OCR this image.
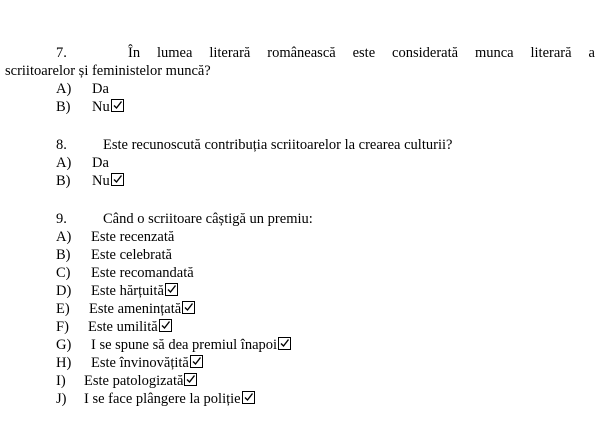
7.	În lumea literară românească este considerată munca literară a
scriitoarelor și feministelor muncă?
A) Da
B) Nu
8. Este recunoscută contribuția scriitoarelor la crearea culturii?
A) Da
B) Nu
9. Când o scriitoare câștigă un premiu:
A) Este recenzată
B) Este celebrată
C) Este recomandată
D) Este hărțuită
E) Este amenințată
F) Este umilită
G) I se spune să dea premiul înapoi
H) Este învinovățită
I) Este patologizată
J) I se face plângere la poliție
